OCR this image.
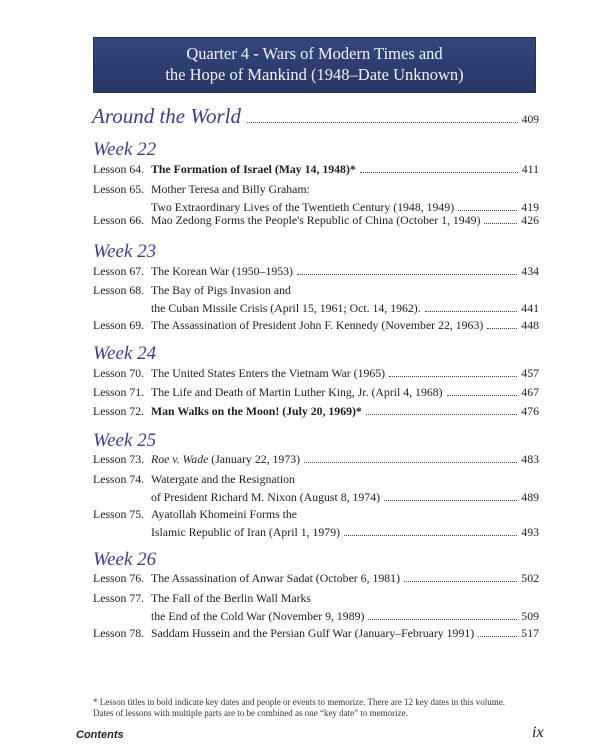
Quarter 4 - Wars of Modern Times and
the Hope of Mankind (1948–Date Unknown)
Around the World	409
Week 22
Lesson 64. The Formation of Israel (May 14, 1948)*	411
Lesson 65. Mother Teresa and Billy Graham:
Two Extraordinary Lives of the Twentieth Century (1948, 1949)	419
Lesson 66. Mao Zedong Forms the People's Republic of China (October 1, 1949)	426
Week 23
Lesson 67. The Korean War (1950–1953)	434
Lesson 68. The Bay of Pigs Invasion and
the Cuban Missile Crisis (April 15, 1961; Oct. 14, 1962).	441
Lesson 69. The Assassination of President John F. Kennedy (November 22, 1963)	448
Week 24
Lesson 70. The United States Enters the Vietnam War (1965)	457
Lesson 71. The Life and Death of Martin Luther King, Jr. (April 4, 1968)	467
Lesson 72. Man Walks on the Moon! (July 20, 1969)*	476
Week 25
Lesson 73. Roe v. Wade (January 22, 1973)	483
Lesson 74. Watergate and the Resignation
of President Richard M. Nixon (August 8, 1974)	489
Lesson 75. Ayatollah Khomeini Forms the
Islamic Republic of Iran (April 1, 1979)	493
Week 26
Lesson 76. The Assassination of Anwar Sadat (October 6, 1981)	502
Lesson 77. The Fall of the Berlin Wall Marks
the End of the Cold War (November 9, 1989)	509
Lesson 78. Saddam Hussein and the Persian Gulf War (January–February 1991)	517
* Lesson titles in bold indicate key dates and people or events to memorize. There are 12 key dates in this volume.
Dates of lessons with multiple parts are to be combined as one “key date” to memorize.
Contents	ix
